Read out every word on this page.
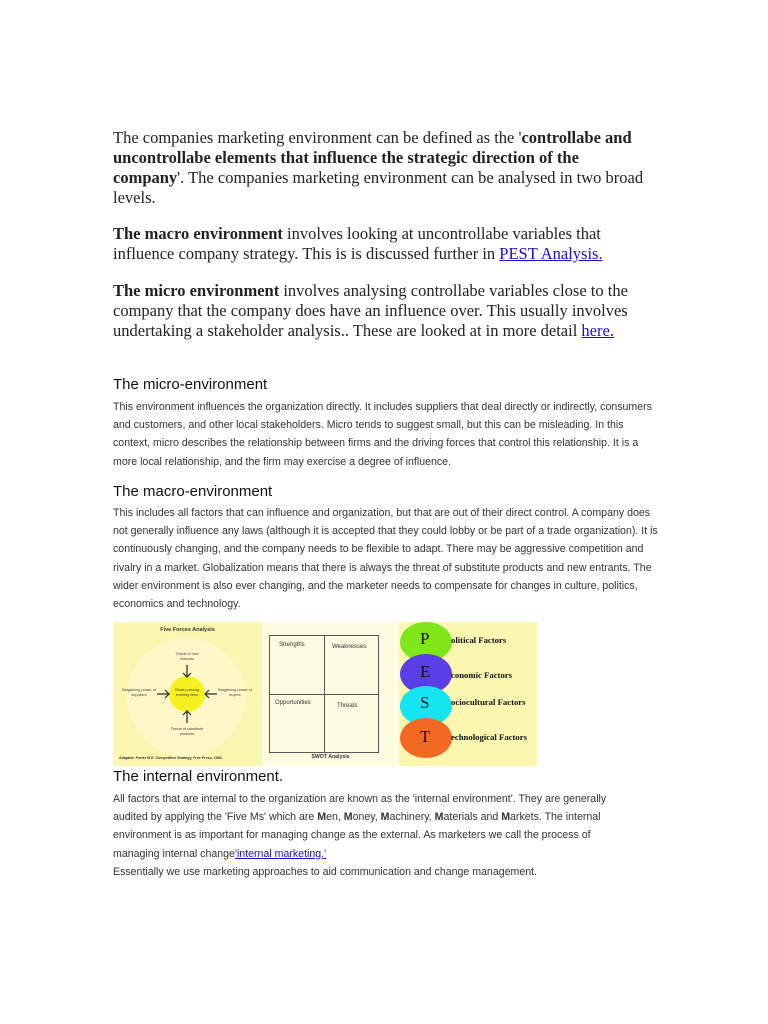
The companies marketing environment can be defined as the 'controllabe and uncontrollabe elements that influence the strategic direction of the company'. The companies marketing environment can be analysed in two broad levels.

The macro environment involves looking at uncontrollabe variables that influence company strategy. This is is discussed further in PEST Analysis.

The micro environment involves analysing controllabe variables close to the company that the company does have an influence over. This usually involves undertaking a stakeholder analysis.. These are looked at in more detail here.

The micro-environment

This environment influences the organization directly. It includes suppliers that deal directly or indirectly, consumers and customers, and other local stakeholders. Micro tends to suggest small, but this can be misleading. In this context, micro describes the relationship between firms and the driving forces that control this relationship. It is a more local relationship, and the firm may exercise a degree of influence.

The macro-environment

This includes all factors that can influence and organization, but that are out of their direct control. A company does not generally influence any laws (although it is accepted that they could lobby or be part of a trade organization). It is continuously changing, and the company needs to be flexible to adapt. There may be aggressive competition and rivalry in a market. Globalization means that there is always the threat of substitute products and new entrants. The wider environment is also ever changing, and the marketer needs to compensate for changes in culture, politics, economics and technology.

Five Forces Analysis
Threat of new entrants
Bargaining power of suppliers
Rivalry among existing firms
Bargaining power of buyers
Threat of substitute products
Adapted: Porter M.E. Competitive Strategy, Free Press, 1980.
Strengths	Weaknesses
Opportunities	Threats
SWOT Analysis
P olitical Factors
E conomic Factors
S ociocultural Factors
T echnological Factors
The internal environment.
All factors that are internal to the organization are known as the 'internal environment'. They are generally
audited by applying the 'Five Ms' which are Men, Money, Machinery, Materials and Markets. The internal
environment is as important for managing change as the external. As marketers we call the process of
managing internal change'internal marketing.'
Essentially we use marketing approaches to aid communication and change management.
